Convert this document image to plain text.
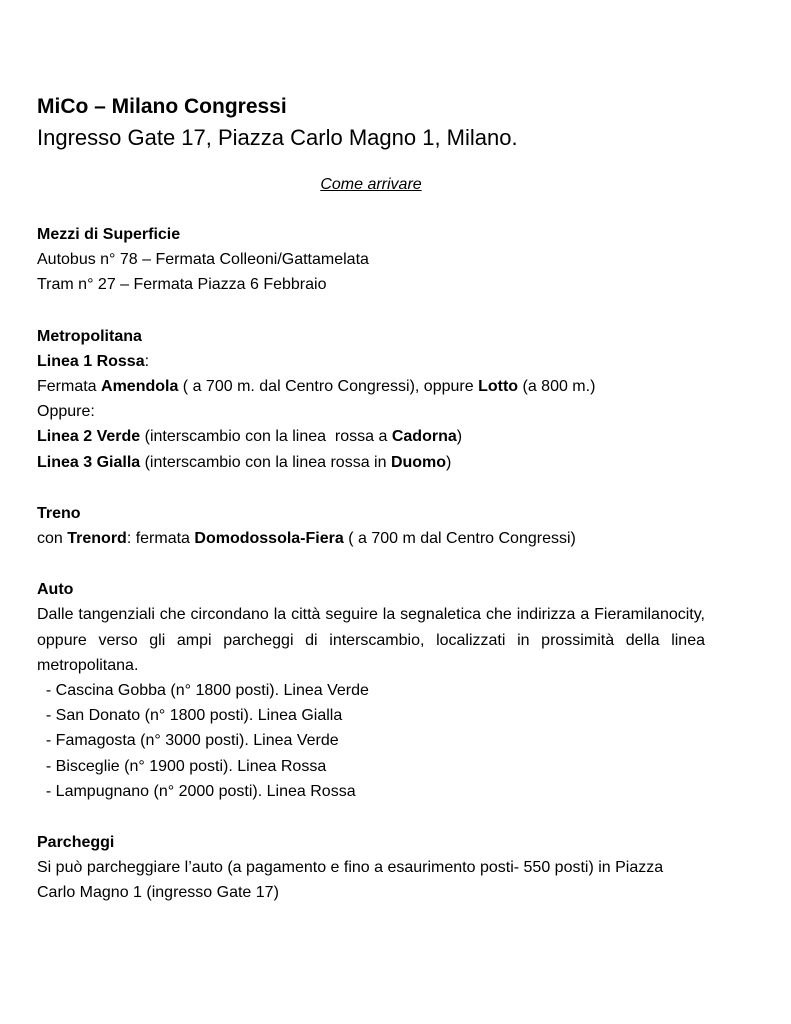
MiCo – Milano Congressi

Ingresso Gate 17, Piazza Carlo Magno 1, Milano.

Come arrivare

Mezzi di Superficie

Autobus n° 78 – Fermata Colleoni/Gattamelata

Tram n° 27 – Fermata Piazza 6 Febbraio

Metropolitana

Linea 1 Rossa:

Fermata Amendola ( a 700 m. dal Centro Congressi), oppure Lotto (a 800 m.)

Oppure:

Linea 2 Verde (interscambio con la linea  rossa a Cadorna)

Linea 3 Gialla (interscambio con la linea rossa in Duomo)

Treno

con Trenord: fermata Domodossola-Fiera ( a 700 m dal Centro Congressi)

Auto

Dalle tangenziali che circondano la città seguire la segnaletica che indirizza a Fieramilanocity, oppure verso gli ampi parcheggi di interscambio, localizzati in prossimità della linea metropolitana.

- Cascina Gobba (n° 1800 posti). Linea Verde

- San Donato (n° 1800 posti). Linea Gialla

- Famagosta (n° 3000 posti). Linea Verde

- Bisceglie (n° 1900 posti). Linea Rossa

- Lampugnano (n° 2000 posti). Linea Rossa

Parcheggi

Si può parcheggiare l’auto (a pagamento e fino a esaurimento posti- 550 posti) in Piazza Carlo Magno 1 (ingresso Gate 17)
